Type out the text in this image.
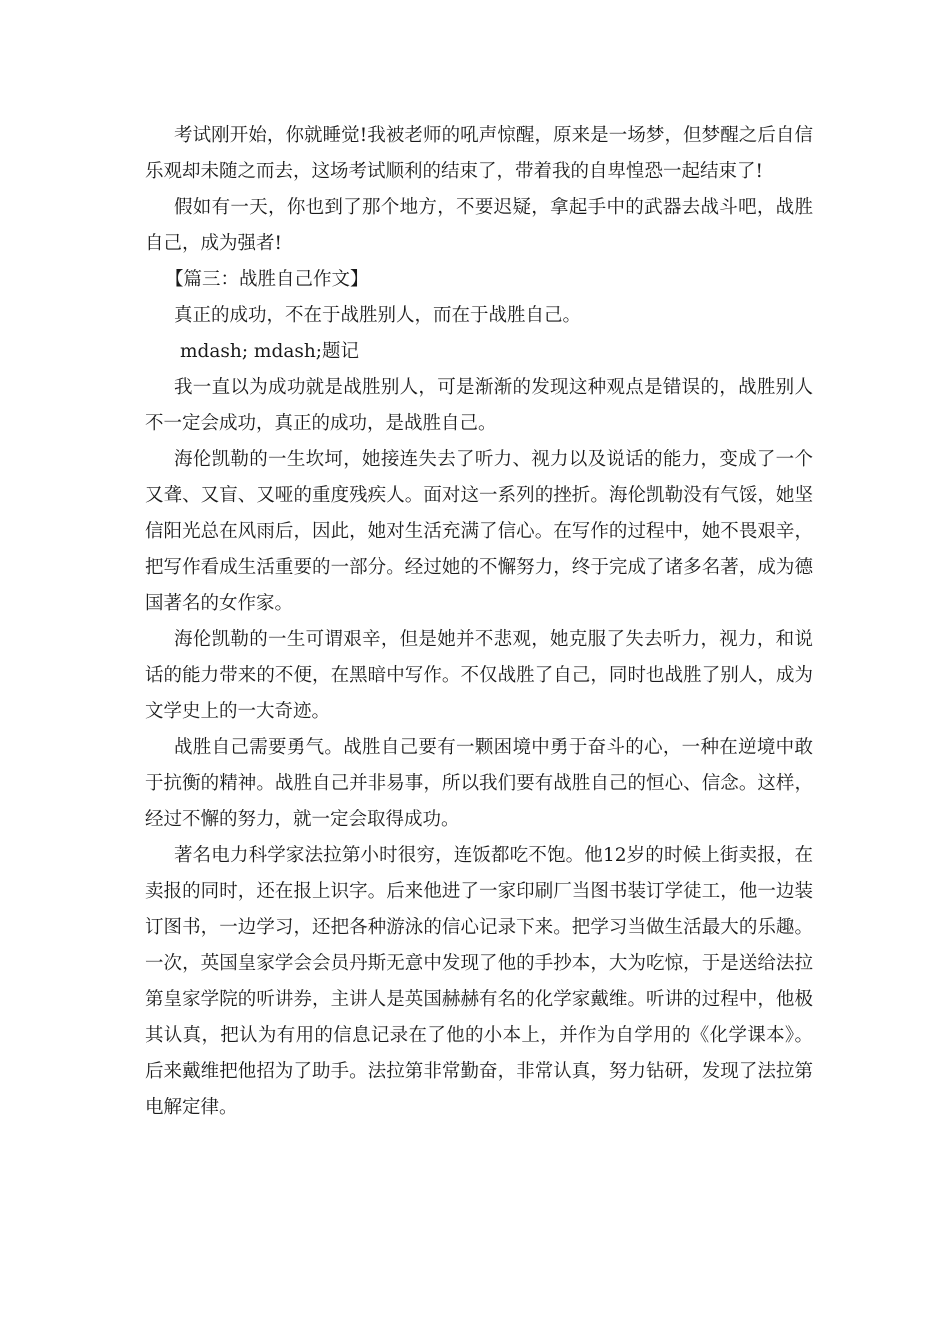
考试刚开始，你就睡觉!我被老师的吼声惊醒，原来是一场梦，但梦醒之后自信乐观却未随之而去，这场考试顺利的结束了，带着我的自卑惶恐一起结束了!

假如有一天，你也到了那个地方，不要迟疑，拿起手中的武器去战斗吧，战胜自己，成为强者!

【篇三：战胜自己作文】

真正的成功，不在于战胜别人，而在于战胜自己。

mdash; mdash;题记

我一直以为成功就是战胜别人，可是渐渐的发现这种观点是错误的，战胜别人不一定会成功，真正的成功，是战胜自己。

海伦凯勒的一生坎坷，她接连失去了听力、视力以及说话的能力，变成了一个又聋、又盲、又哑的重度残疾人。面对这一系列的挫折。海伦凯勒没有气馁，她坚信阳光总在风雨后，因此，她对生活充满了信心。在写作的过程中，她不畏艰辛，把写作看成生活重要的一部分。经过她的不懈努力，终于完成了诸多名著，成为德国著名的女作家。

海伦凯勒的一生可谓艰辛，但是她并不悲观，她克服了失去听力，视力，和说话的能力带来的不便，在黑暗中写作。不仅战胜了自己，同时也战胜了别人，成为文学史上的一大奇迹。

战胜自己需要勇气。战胜自己要有一颗困境中勇于奋斗的心，一种在逆境中敢于抗衡的精神。战胜自己并非易事，所以我们要有战胜自己的恒心、信念。这样，经过不懈的努力，就一定会取得成功。

著名电力科学家法拉第小时很穷，连饭都吃不饱。他12岁的时候上街卖报，在卖报的同时，还在报上识字。后来他进了一家印刷厂当图书装订学徒工，他一边装订图书，一边学习，还把各种游泳的信心记录下来。把学习当做生活最大的乐趣。一次，英国皇家学会会员丹斯无意中发现了他的手抄本，大为吃惊，于是送给法拉第皇家学院的听讲券，主讲人是英国赫赫有名的化学家戴维。听讲的过程中，他极其认真，把认为有用的信息记录在了他的小本上，并作为自学用的《化学课本》。后来戴维把他招为了助手。法拉第非常勤奋，非常认真，努力钻研，发现了法拉第电解定律。
